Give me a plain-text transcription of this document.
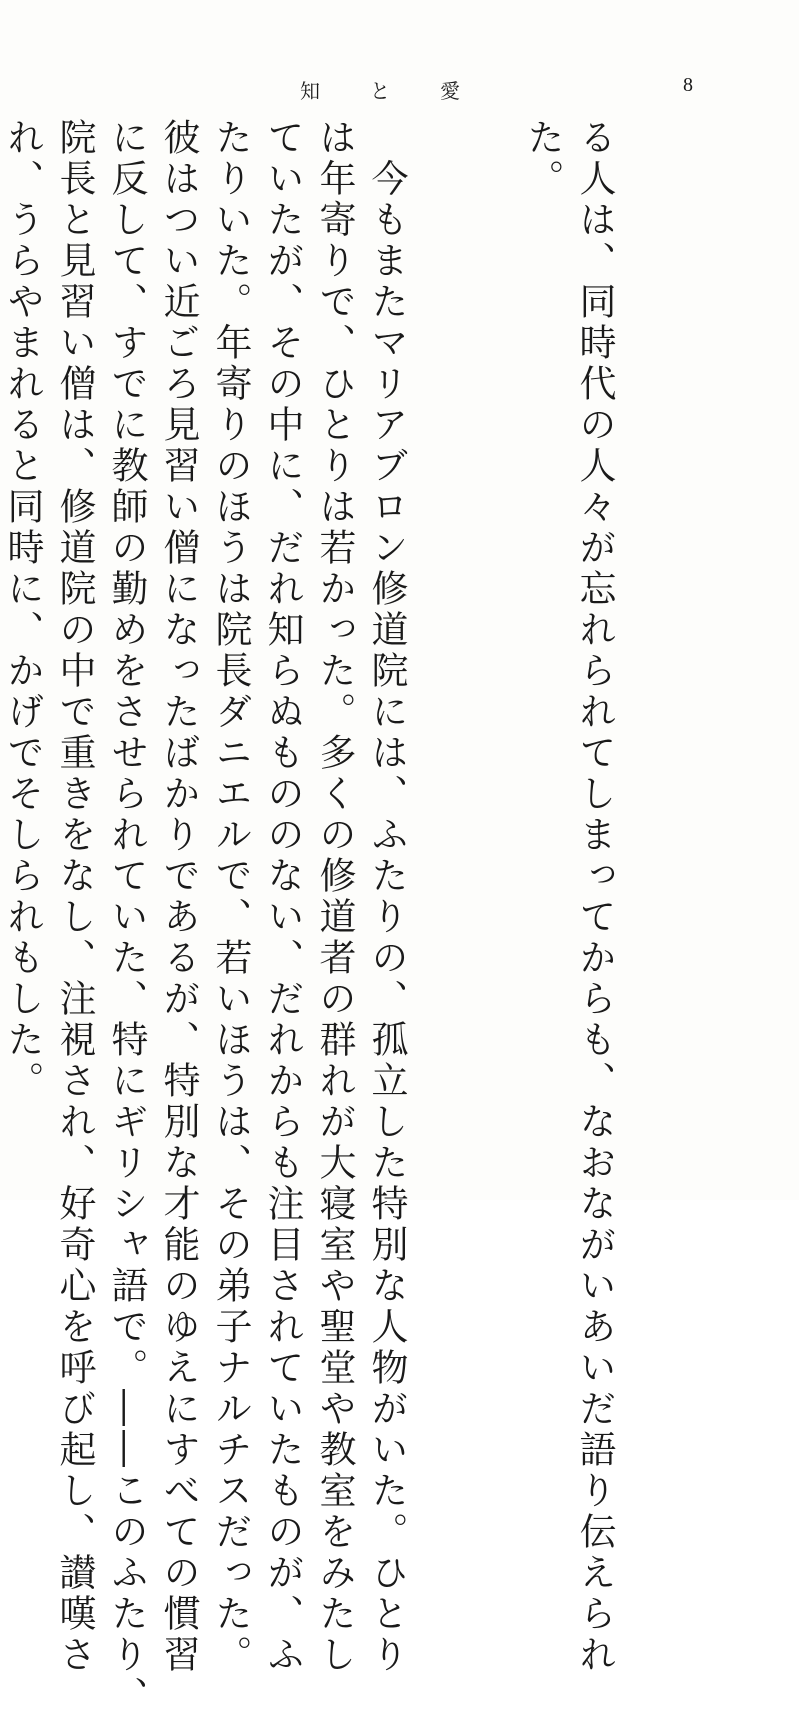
知	と	愛	8

る人は、同時代の人々が忘れられてしまってからも、なおながいあいだ語り伝えられ
た。

　今もまたマリアブロン修道院には、ふたりの、孤立した特別な人物がいた。ひとり
は年寄りで、ひとりは若かった。多くの修道者の群れが大寝室や聖堂や教室をみたし
ていたが、その中に、だれ知らぬもののない、だれからも注目されていたものが、ふ
たりいた。年寄りのほうは院長ダニエルで、若いほうは、その弟子ナルチスだった。
彼はつい近ごろ見習い僧になったばかりであるが、特別な才能のゆえにすべての慣習
に反して、すでに教師の勤めをさせられていた、特にギリシャ語で。――このふたり、
院長と見習い僧は、修道院の中で重きをなし、注視され、好奇心を呼び起し、讃嘆さ
れ、うらやまれると同時に、かげでそしられもした。
